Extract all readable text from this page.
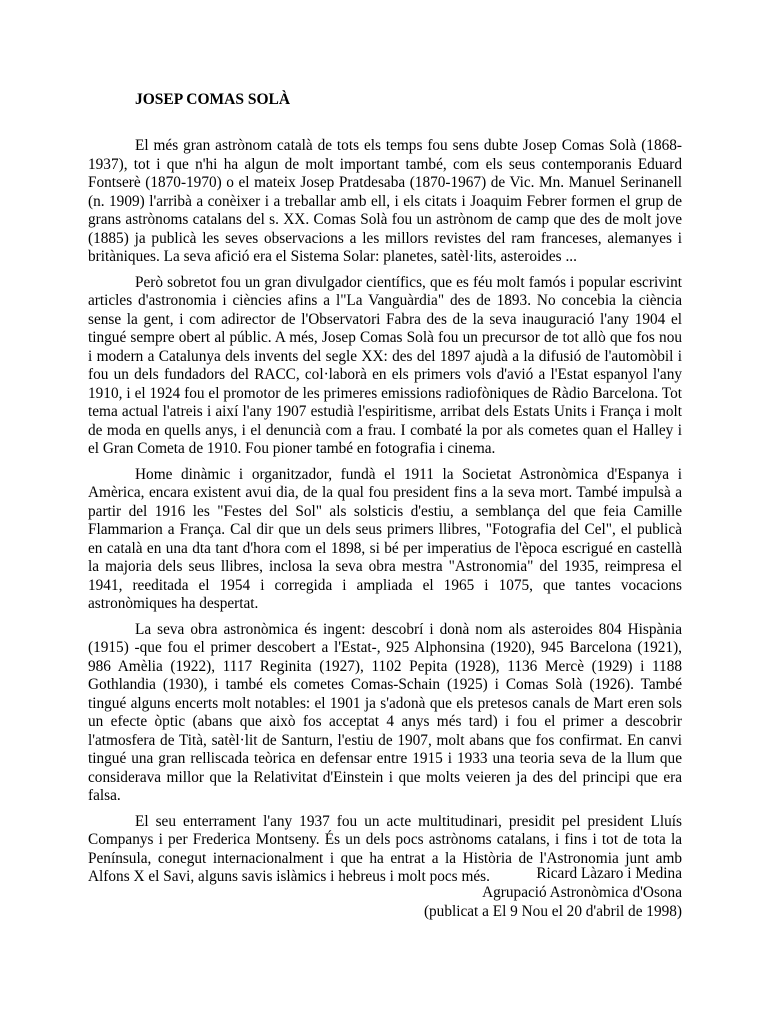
JOSEP COMAS SOLÀ

El més gran astrònom català de tots els temps fou sens dubte Josep Comas Solà (1868-1937), tot i que n'hi ha algun de molt important també, com els seus contemporanis Eduard Fontserè (1870-1970) o el mateix Josep Pratdesaba (1870-1967) de Vic. Mn. Manuel Serinanell (n. 1909) l'arribà a conèixer i a treballar amb ell, i els citats i Joaquim Febrer formen el grup de grans astrònoms catalans del s. XX. Comas Solà fou un astrònom de camp que des de molt jove (1885) ja publicà les seves observacions a les millors revistes del ram franceses, alemanyes i britàniques. La seva afició era el Sistema Solar: planetes, satèl·lits, asteroides ...

Però sobretot fou un gran divulgador científics, que es féu molt famós i popular escrivint articles d'astronomia i ciències afins a l"La Vanguàrdia" des de 1893. No concebia la ciència sense la gent, i com adirector de l'Observatori Fabra des de la seva inauguració l'any 1904 el tingué sempre obert al públic. A més, Josep Comas Solà fou un precursor de tot allò que fos nou i modern a Catalunya dels invents del segle XX: des del 1897 ajudà a la difusió de l'automòbil i fou un dels fundadors del RACC, col·laborà en els primers vols d'avió a l'Estat espanyol l'any 1910, i el 1924 fou el promotor de les primeres emissions radiofòniques de Ràdio Barcelona. Tot tema actual l'atreis i així l'any 1907 estudià l'espiritisme, arribat dels Estats Units i França i molt de moda en quells anys, i el denuncià com a frau. I combaté la por als cometes quan el Halley i el Gran Cometa de 1910. Fou pioner també en fotografia i cinema.

Home dinàmic i organitzador, fundà el 1911 la Societat Astronòmica d'Espanya i Amèrica, encara existent avui dia, de la qual fou president fins a la seva mort. També impulsà a partir del 1916 les "Festes del Sol" als solsticis d'estiu, a semblança del que feia Camille Flammarion a França. Cal dir que un dels seus primers llibres, "Fotografia del Cel", el publicà en català en una dta tant d'hora com el 1898, si bé per imperatius de l'època escrigué en castellà la majoria dels seus llibres, inclosa la seva obra mestra "Astronomia" del 1935, reimpresa el 1941, reeditada el 1954 i corregida i ampliada el 1965 i 1075, que tantes vocacions astronòmiques ha despertat.

La seva obra astronòmica és ingent: descobrí i donà nom als asteroides 804 Hispània (1915) -que fou el primer descobert a l'Estat-, 925 Alphonsina (1920), 945 Barcelona (1921), 986 Amèlia (1922), 1117 Reginita (1927), 1102 Pepita (1928), 1136 Mercè (1929) i 1188 Gothlandia (1930), i també els cometes Comas-Schain (1925) i Comas Solà (1926). També tingué alguns encerts molt notables: el 1901 ja s'adonà que els pretesos canals de Mart eren sols un efecte òptic (abans que això fos acceptat 4 anys més tard) i fou el primer a descobrir l'atmosfera de Tità, satèl·lit de Santurn, l'estiu de 1907, molt abans que fos confirmat. En canvi tingué una gran relliscada teòrica en defensar entre 1915 i 1933 una teoria seva de la llum que considerava millor que la Relativitat d'Einstein i que molts veieren ja des del principi que era falsa.

El seu enterrament l'any 1937 fou un acte multitudinari, presidit pel president Lluís Companys i per Frederica Montseny. És un dels pocs astrònoms catalans, i fins i tot de tota la Península, conegut internacionalment i que ha entrat a la Història de l'Astronomia junt amb Alfons X el Savi, alguns savis islàmics i hebreus i molt pocs més.	Ricard Làzaro i Medina
Agrupació Astronòmica d'Osona
(publicat a El 9 Nou el 20 d'abril de 1998)
